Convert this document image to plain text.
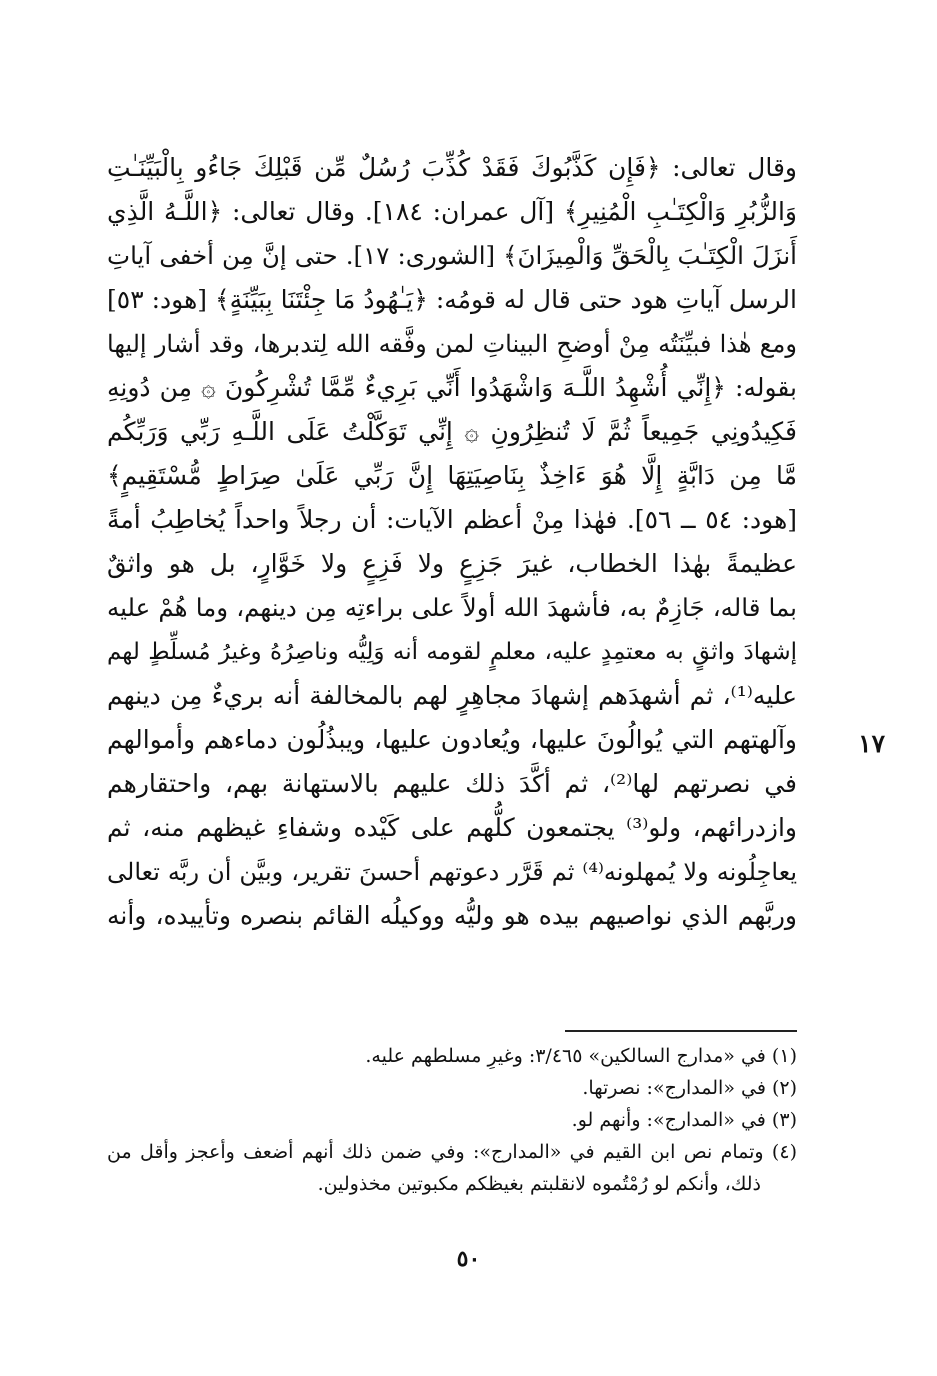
١٧
وقال تعالى: ﴿فَإِن كَذَّبُوكَ فَقَدْ كُذِّبَ رُسُلٌ مِّن قَبْلِكَ جَاءُو بِالْبَيِّنَـٰتِ
وَالزُّبُرِ وَالْكِتَـٰبِ الْمُنِيرِ﴾ [آل عمران: ١٨٤]. وقال تعالى: ﴿اللَّـهُ الَّذِي
أَنزَلَ الْكِتَـٰبَ بِالْحَقِّ وَالْمِيزَانَ﴾ [الشورى: ١٧]. حتى إنَّ مِن أخفى آياتِ
الرسل آياتِ هود حتى قال له قومُه: ﴿يَـٰهُودُ مَا جِئْتَنَا بِبَيِّنَةٍ﴾ [هود: ٥٣]
ومع هٰذا فبيِّنَتُه مِنْ أوضحِ البيناتِ لمن وفَّقه الله لِتدبرها، وقد أشار إليها
بقوله: ﴿إِنِّي أُشْهِدُ اللَّـهَ وَاشْهَدُوا أَنِّي بَرِيءٌ مِّمَّا تُشْرِكُونَ ۞ مِن دُونِهِ
فَكِيدُونِي جَمِيعاً ثُمَّ لَا تُنظِرُونِ ۞ إِنِّي تَوَكَّلْتُ عَلَى اللَّـهِ رَبِّي وَرَبِّكُم
مَّا مِن دَابَّةٍ إِلَّا هُوَ ءَاخِذٌ بِنَاصِيَتِهَا إِنَّ رَبِّي عَلَىٰ صِرَاطٍ مُّسْتَقِيمٍ﴾
[هود: ٥٤ ــ ٥٦]. فهٰذا مِنْ أعظم الآيات: أن رجلاً واحداً يُخاطِبُ أمةً
عظيمةً بهٰذا الخطاب، غيرَ جَزِعٍ ولا فَزِعٍ ولا خَوَّارٍ، بل هو واثقٌ
بما قاله، جَازِمٌ به، فأشهدَ الله أولاً على براءتِه مِن دينهم، وما هُمْ عليه
إشهادَ واثقٍ به معتمِدٍ عليه، معلمٍ لقومه أنه وَلِيُّه وناصِرُهُ وغيرُ مُسلِّطٍ لهم
عليه⁽¹⁾، ثم أشهدَهم إشهادَ مجاهِرٍ لهم بالمخالفة أنه بريءٌ مِن دينهم
وآلهتهم التي يُوالُونَ عليها، ويُعادون عليها، ويبذُلُون دماءهم وأموالهم
في نصرتهم لها⁽²⁾، ثم أكَّدَ ذلك عليهم بالاستهانة بهم، واحتقارهم
وازدرائهم، ولو⁽³⁾ يجتمعون كلُّهم على كَيْده وشفاءِ غيظهم منه، ثم
يعاجِلُونه ولا يُمهلونه⁽⁴⁾ ثم قَرَّر دعوتهم أحسنَ تقرير، وبيَّن أن ربَّه تعالى
وربَّهم الذي نواصيهم بيده هو وليُّه ووكيلُه القائم بنصره وتأييده، وأنه
(١) في «مدارج السالكين» ٣/٤٦٥: وغيرِ مسلطهم عليه.
(٢) في «المدارج»: نصرتها.
(٣) في «المدارج»: وأنهم لو.
(٤) وتمام نص ابن القيم في «المدارج»: وفي ضمن ذلك أنهم أضعف وأعجز وأقل من
ذلك، وأنكم لو رُمْتُموه لانقلبتم بغيظكم مكبوتين مخذولين.
٥٠
